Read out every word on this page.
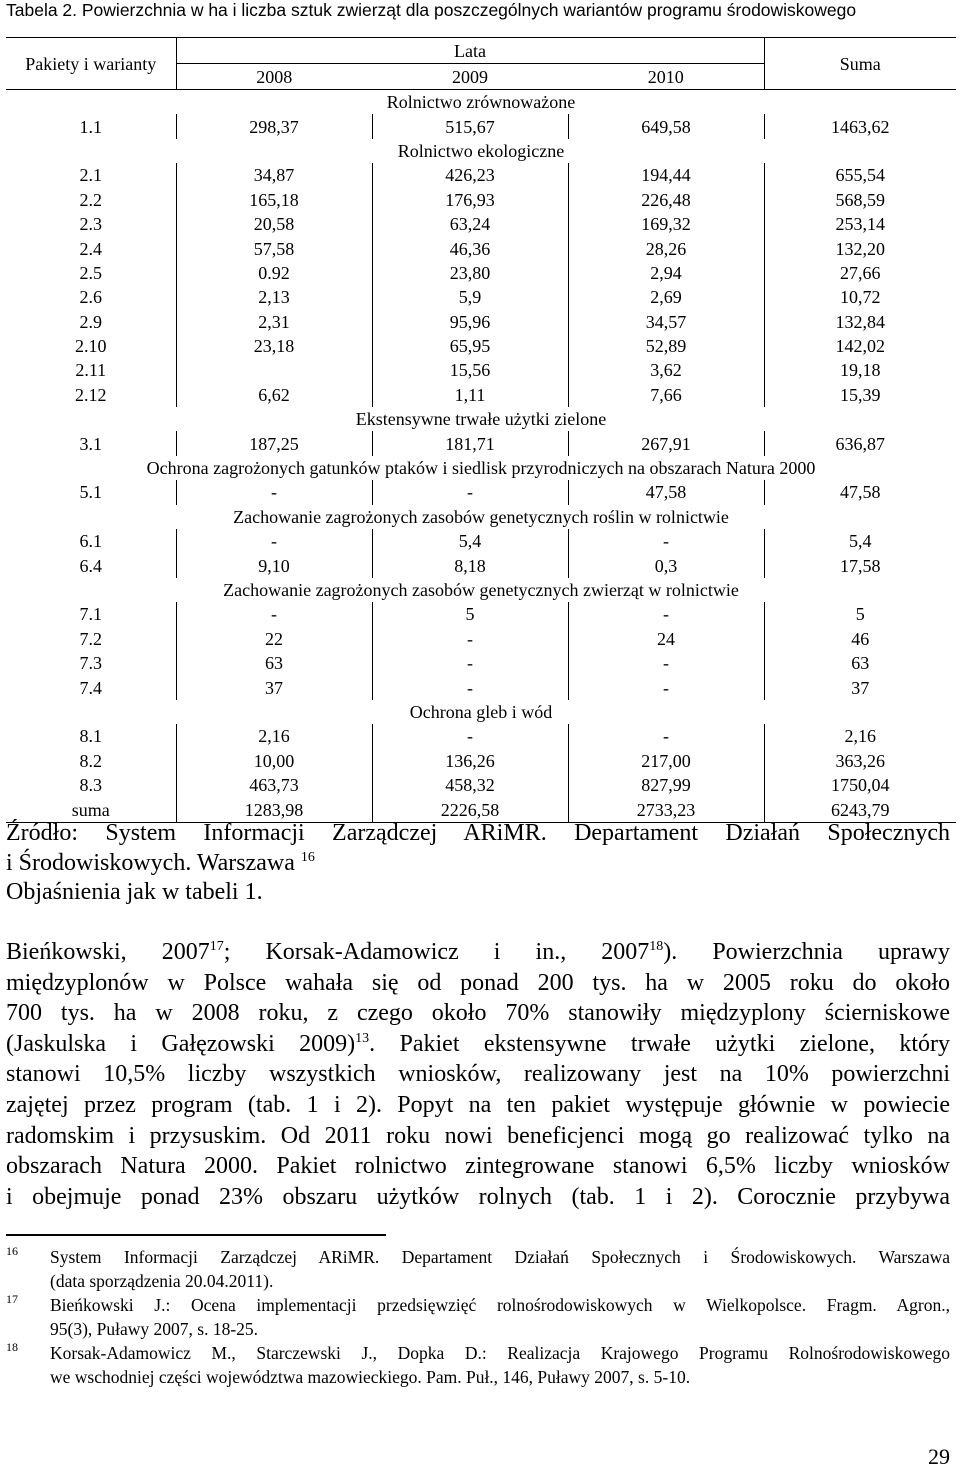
Tabela 2. Powierzchnia w ha i liczba sztuk zwierząt dla poszczególnych wariantów programu środowiskowego
Pakiety i warianty	Lata			Suma
	2008	2009	2010	
Rolnictwo zrównoważone				
1.1	298,37	515,67	649,58	1463,62
Rolnictwo ekologiczne				
2.1	34,87	426,23	194,44	655,54
2.2	165,18	176,93	226,48	568,59
2.3	20,58	63,24	169,32	253,14
2.4	57,58	46,36	28,26	132,20
2.5	0.92	23,80	2,94	27,66
2.6	2,13	5,9	2,69	10,72
2.9	2,31	95,96	34,57	132,84
2.10	23,18	65,95	52,89	142,02
2.11		15,56	3,62	19,18
2.12	6,62	1,11	7,66	15,39
Ekstensywne trwałe użytki zielone				
3.1	187,25	181,71	267,91	636,87
Ochrona zagrożonych gatunków ptaków i siedlisk przyrodniczych na obszarach Natura 2000				
5.1	-	-	47,58	47,58
Zachowanie zagrożonych zasobów genetycznych roślin w rolnictwie				
6.1	-	5,4	-	5,4
6.4	9,10	8,18	0,3	17,58
Zachowanie zagrożonych zasobów genetycznych zwierząt w rolnictwie				
7.1	-	5	-	5
7.2	22	-	24	46
7.3	63	-	-	63
7.4	37	-	-	37
Ochrona gleb i wód				
8.1	2,16	-	-	2,16
8.2	10,00	136,26	217,00	363,26
8.3	463,73	458,32	827,99	1750,04
suma	1283,98	2226,58	2733,23	6243,79
Źródło: System Informacji Zarządczej ARiMR. Departament Działań Społecznych
i Środowiskowych. Warszawa $^{16}$
Objaśnienia jak w tabeli 1.
Bieńkowski, 2007$^{17}$; Korsak-Adamowicz i in., 2007$^{18}$). Powierzchnia uprawy
międzyplonów w Polsce wahała się od ponad 200 tys. ha w 2005 roku do około
700 tys. ha w 2008 roku, z czego około 70% stanowiły międzyplony ścierniskowe
(Jaskulska i Gałęzowski 2009)$^{13}$. Pakiet ekstensywne trwałe użytki zielone, który
stanowi 10,5% liczby wszystkich wniosków, realizowany jest na 10% powierzchni
zajętej przez program (tab. 1 i 2). Popyt na ten pakiet występuje głównie w powiecie
radomskim i przysuskim. Od 2011 roku nowi beneficjenci mogą go realizować tylko na
obszarach Natura 2000. Pakiet rolnictwo zintegrowane stanowi 6,5% liczby wniosków
i obejmuje ponad 23% obszaru użytków rolnych (tab. 1 i 2). Corocznie przybywa
16 System Informacji Zarządczej ARiMR. Departament Działań Społecznych i Środowiskowych. Warszawa
(data sporządzenia 20.04.2011).
17 Bieńkowski J.: Ocena implementacji przedsięwzięć rolnośrodowiskowych w Wielkopolsce. Fragm. Agron.,
95(3), Puławy 2007, s. 18-25.
18 Korsak-Adamowicz M., Starczewski J., Dopka D.: Realizacja Krajowego Programu Rolnośrodowiskowego
we wschodniej części województwa mazowieckiego. Pam. Puł., 146, Puławy 2007, s. 5-10.
29
